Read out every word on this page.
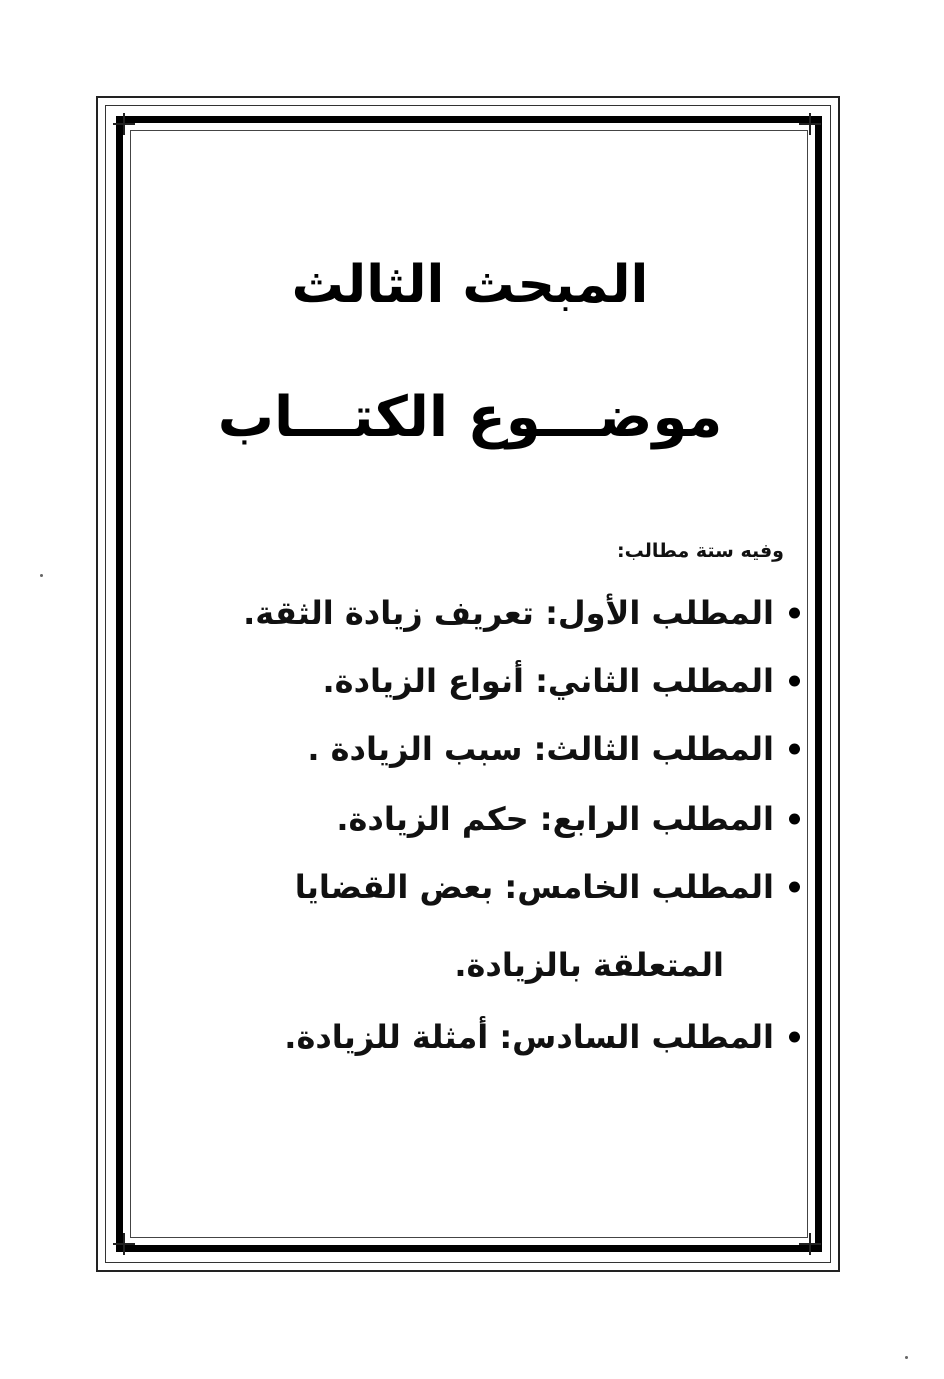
المبحث الثالث
موضـــوع الكتـــاب
وفيه ستة مطالب:
المطلب الأول: تعريف زيادة الثقة.
المطلب الثاني: أنواع الزيادة.
المطلب الثالث: سبب الزيادة .
المطلب الرابع: حكم الزيادة.
المطلب الخامس: بعض القضايا
المتعلقة بالزيادة.
المطلب السادس: أمثلة للزيادة.
